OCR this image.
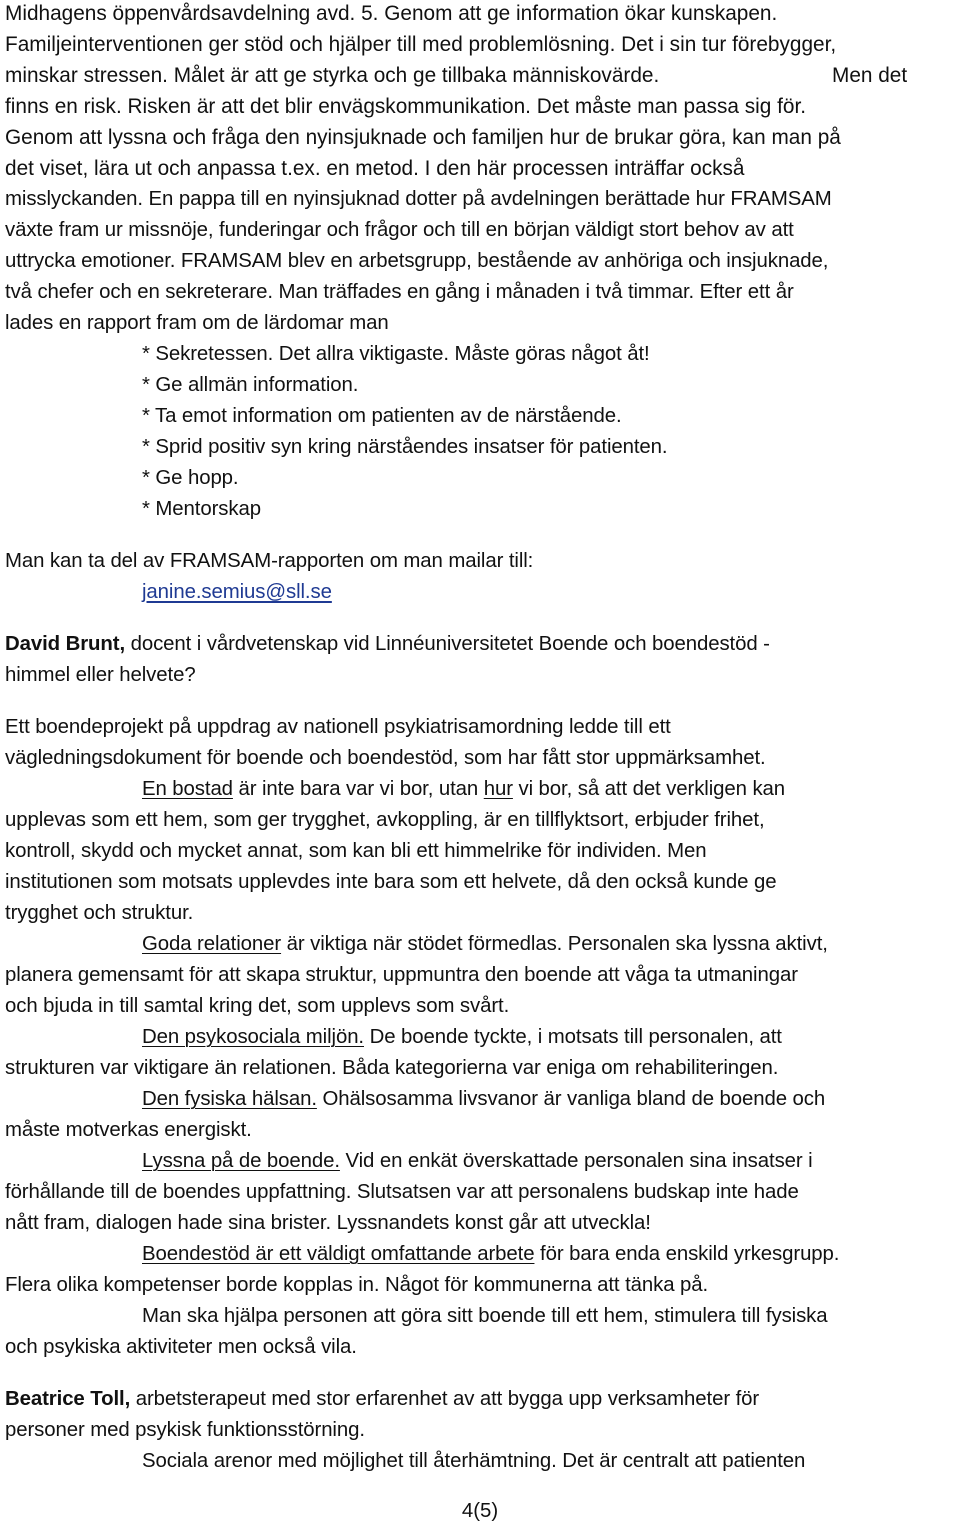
Midhagens öppenvårdsavdelning avd. 5. Genom att ge information ökar kunskapen.

Familjeinterventionen ger stöd och hjälper till med problemlösning. Det i sin tur förebygger,

minskar stressen. Målet är att ge styrka och ge tillbaka människovärde.	Men det

finns en risk. Risken är att det blir envägskommunikation. Det måste man passa sig för.

Genom att lyssna och fråga den nyinsjuknade och familjen hur de brukar göra, kan man på

det viset, lära ut och anpassa t.ex. en metod. I den här processen inträffar också

misslyckanden. En pappa till en nyinsjuknad dotter på avdelningen berättade hur FRAMSAM

växte fram ur missnöje, funderingar och frågor och till en början väldigt stort behov av att

uttrycka emotioner. FRAMSAM blev en arbetsgrupp, bestående av anhöriga och insjuknade,

två chefer och en sekreterare. Man träffades en gång i månaden i två timmar. Efter ett år

lades en rapport fram om de lärdomar man

* Sekretessen. Det allra viktigaste. Måste göras något åt!

* Ge allmän information.

* Ta emot information om patienten av de närstående.

* Sprid positiv syn kring närståendes insatser för patienten.

* Ge hopp.

* Mentorskap

Man kan ta del av FRAMSAM-rapporten om man mailar till:

janine.semius@sll.se

David Brunt, docent i vårdvetenskap vid Linnéuniversitetet Boende och boendestöd -

himmel eller helvete?

Ett boendeprojekt på uppdrag av nationell psykiatrisamordning ledde till ett

vägledningsdokument för boende och boendestöd, som har fått stor uppmärksamhet.

En bostad är inte bara var vi bor, utan hur vi bor, så att det verkligen kan

upplevas som ett hem, som ger trygghet, avkoppling, är en tillflyktsort, erbjuder frihet,

kontroll, skydd och mycket annat, som kan bli ett himmelrike för individen. Men

institutionen som motsats upplevdes inte bara som ett helvete, då den också kunde ge

trygghet och struktur.

Goda relationer är viktiga när stödet förmedlas. Personalen ska lyssna aktivt,

planera gemensamt för att skapa struktur, uppmuntra den boende att våga ta utmaningar

och bjuda in till samtal kring det, som upplevs som svårt.

Den psykosociala miljön. De boende tyckte, i motsats till personalen, att

strukturen var viktigare än relationen. Båda kategorierna var eniga om rehabiliteringen.

Den fysiska hälsan. Ohälsosamma livsvanor är vanliga bland de boende och

måste motverkas energiskt.

Lyssna på de boende. Vid en enkät överskattade personalen sina insatser i

förhållande till de boendes uppfattning. Slutsatsen var att personalens budskap inte hade

nått fram, dialogen hade sina brister. Lyssnandets konst går att utveckla!

Boendestöd är ett väldigt omfattande arbete för bara enda enskild yrkesgrupp.

Flera olika kompetenser borde kopplas in. Något för kommunerna att tänka på.

Man ska hjälpa personen att göra sitt boende till ett hem, stimulera till fysiska

och psykiska aktiviteter men också vila.

Beatrice Toll, arbetsterapeut med stor erfarenhet av att bygga upp verksamheter för

personer med psykisk funktionsstörning.

Sociala arenor med möjlighet till återhämtning. Det är centralt att patienten

4(5)
